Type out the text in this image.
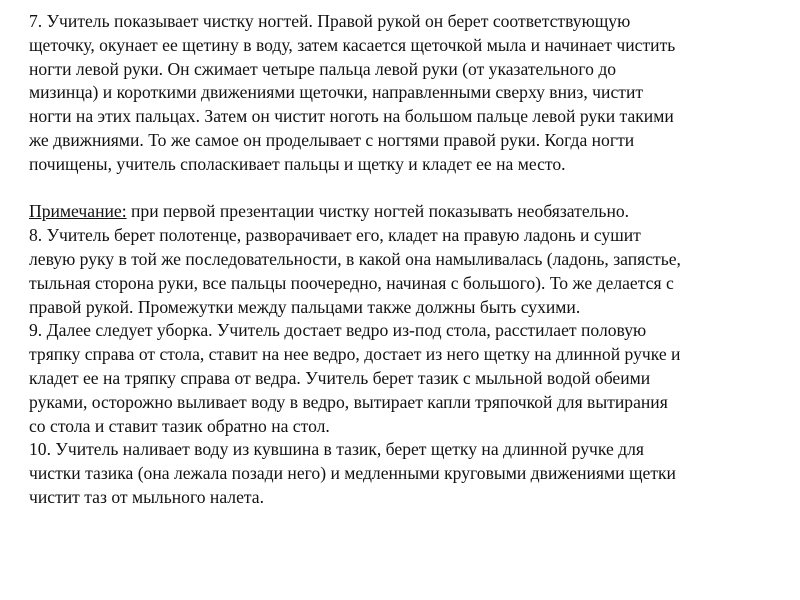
7. Учитель показывает чистку ногтей. Правой рукой он берет соответствующую
щеточку, окунает ее щетину в воду, затем касается щеточкой мыла и начинает чистить
ногти левой руки. Он сжимает четыре пальца левой руки (от указательного до
мизинца) и короткими движениями щеточки, направленными сверху вниз, чистит
ногти на этих пальцах. Затем он чистит ноготь на большом пальце левой руки такими
же движниями. То же самое он проделывает с ногтями правой руки. Когда ногти
почищены, учитель споласкивает пальцы и щетку и кладет ее на место.

Примечание: при первой презентации чистку ногтей показывать необязательно.

8. Учитель берет полотенце, разворачивает его, кладет на правую ладонь и сушит
левую руку в той же последовательности, в какой она намыливалась (ладонь, запястье,
тыльная сторона руки, все пальцы поочередно, начиная с большого). То же делается с
правой рукой. Промежутки между пальцами также должны быть сухими.

9. Далее следует уборка. Учитель достает ведро из-под стола, расстилает половую
тряпку справа от стола, ставит на нее ведро, достает из него щетку на длинной ручке и
кладет ее на тряпку справа от ведра. Учитель берет тазик с мыльной водой обеими
руками, осторожно выливает воду в ведро, вытирает капли тряпочкой для вытирания
со стола и ставит тазик обратно на стол.

10. Учитель наливает воду из кувшина в тазик, берет щетку на длинной ручке для
чистки тазика (она лежала позади него) и медленными круговыми движениями щетки
чистит таз от мыльного налета.
